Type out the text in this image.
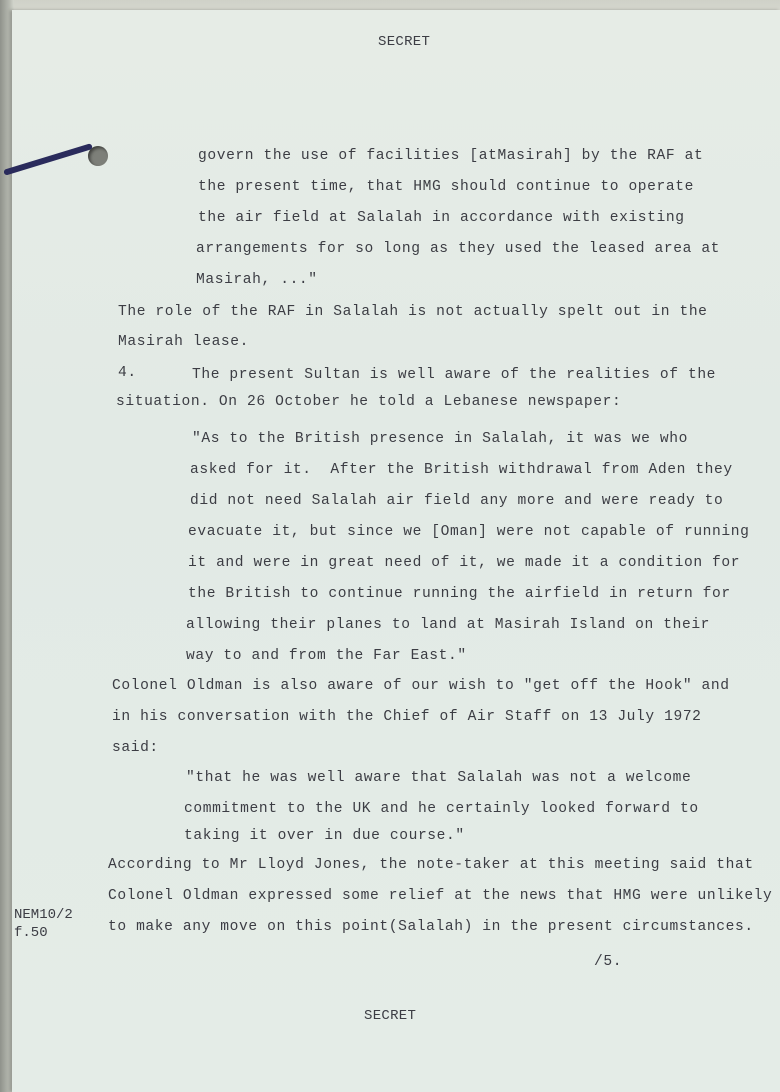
SECRET
govern the use of facilities [atMasirah] by the RAF at
the present time, that HMG should continue to operate
the air field at Salalah in accordance with existing
arrangements for so long as they used the leased area at
Masirah, ..."
The role of the RAF in Salalah is not actually spelt out in the
Masirah lease.
4.	The present Sultan is well aware of the realities of the
situation. On 26 October he told a Lebanese newspaper:
"As to the British presence in Salalah, it was we who
asked for it.  After the British withdrawal from Aden they
did not need Salalah air field any more and were ready to
evacuate it, but since we [Oman] were not capable of running
it and were in great need of it, we made it a condition for
the British to continue running the airfield in return for
allowing their planes to land at Masirah Island on their
way to and from the Far East."
Colonel Oldman is also aware of our wish to "get off the Hook" and
in his conversation with the Chief of Air Staff on 13 July 1972
said:
"that he was well aware that Salalah was not a welcome
commitment to the UK and he certainly looked forward to
taking it over in due course."
According to Mr Lloyd Jones, the note-taker at this meeting said that
Colonel Oldman expressed some relief at the news that HMG were unlikely
to make any move on this point(Salalah) in the present circumstances.
NEM10/2
f.50
/5.
SECRET
